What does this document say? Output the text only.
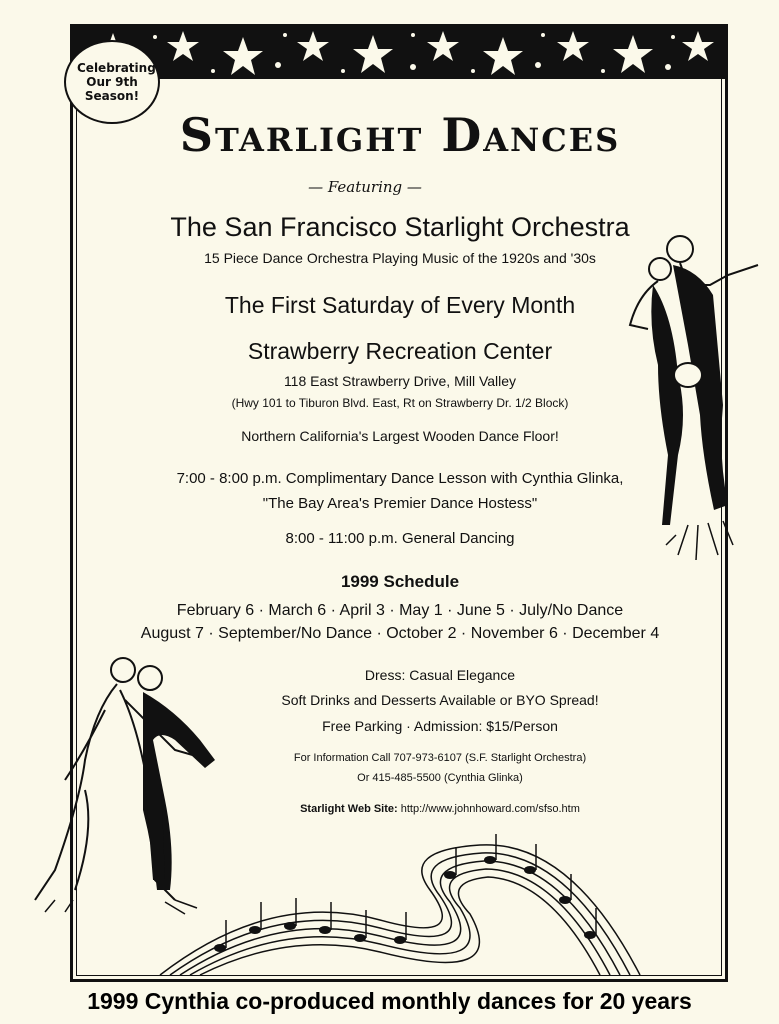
Celebrating Our 9th Season!
Starlight Dances
— Featuring —
The San Francisco Starlight Orchestra
15 Piece Dance Orchestra Playing Music of the 1920s and '30s
The First Saturday of Every Month
Strawberry Recreation Center
118 East Strawberry Drive, Mill Valley
(Hwy 101 to Tiburon Blvd. East, Rt on Strawberry Dr. 1/2 Block)
Northern California's Largest Wooden Dance Floor!
7:00 - 8:00 p.m. Complimentary Dance Lesson with Cynthia Glinka,
"The Bay Area's Premier Dance Hostess"
8:00 - 11:00 p.m. General Dancing
1999 Schedule
February 6 · March 6 · April 3 · May 1 · June 5 · July/No Dance
August 7 · September/No Dance · October 2 · November 6 · December 4
Dress: Casual Elegance
Soft Drinks and Desserts Available or BYO Spread!
Free Parking · Admission: $15/Person
For Information Call 707-973-6107 (S.F. Starlight Orchestra)
Or 415-485-5500 (Cynthia Glinka)
Starlight Web Site: http://www.johnhoward.com/sfso.htm
1999 Cynthia co-produced monthly dances for 20 years
